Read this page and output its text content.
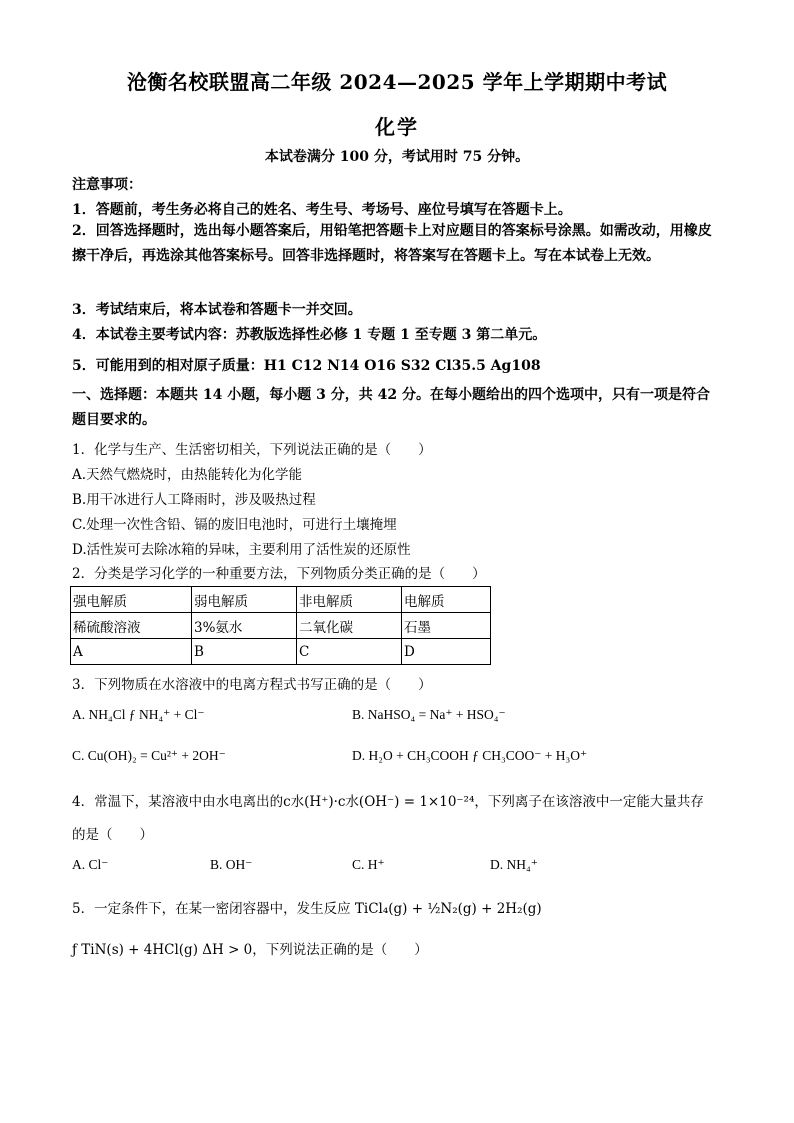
沧衡名校联盟高二年级 2024—2025 学年上学期期中考试
化学
本试卷满分 100 分，考试用时 75 分钟。
注意事项：
1．答题前，考生务必将自己的姓名、考生号、考场号、座位号填写在答题卡上。
2．回答选择题时，选出每小题答案后，用铅笔把答题卡上对应题目的答案标号涂黑。如需改动，用橡皮擦干净后，再选涂其他答案标号。回答非选择题时，将答案写在答题卡上。写在本试卷上无效。
3．考试结束后，将本试卷和答题卡一并交回。
4．本试卷主要考试内容：苏教版选择性必修 1 专题 1 至专题 3 第二单元。
5．可能用到的相对原子质量：H1 C12 N14 O16 S32 Cl35.5 Ag108
一、选择题：本题共 14 小题，每小题 3 分，共 42 分。在每小题给出的四个选项中，只有一项是符合题目要求的。
1．化学与生产、生活密切相关，下列说法正确的是（　　）
A.天然气燃烧时，由热能转化为化学能
B.用干冰进行人工降雨时，涉及吸热过程
C.处理一次性含铅、镉的废旧电池时，可进行土壤掩埋
D.活性炭可去除冰箱的异味，主要利用了活性炭的还原性
2．分类是学习化学的一种重要方法，下列物质分类正确的是（　　）
强电解质	弱电解质	非电解质	电解质
稀硫酸溶液	3%氨水	二氧化碳	石墨
A	B	C	D
3．下列物质在水溶液中的电离方程式书写正确的是（　　）
A. NH₄Cl ƒ NH₄⁺ + Cl⁻	B. NaHSO₄ = Na⁺ + HSO₄⁻
C. Cu(OH)₂ = Cu²⁺ + 2OH⁻	D. H₂O + CH₃COOH ƒ CH₃COO⁻ + H₃O⁺
4．常温下，某溶液中由水电离出的c水(H⁺)·c水(OH⁻) = 1×10⁻²⁴，下列离子在该溶液中一定能大量共存
的是（　　）
A. Cl⁻	B. OH⁻	C. H⁺	D. NH₄⁺
5．一定条件下，在某一密闭容器中，发生反应 TiCl₄(g) + ½N₂(g) + 2H₂(g)
ƒ TiN(s) + 4HCl(g) ΔH > 0，下列说法正确的是（　　）
